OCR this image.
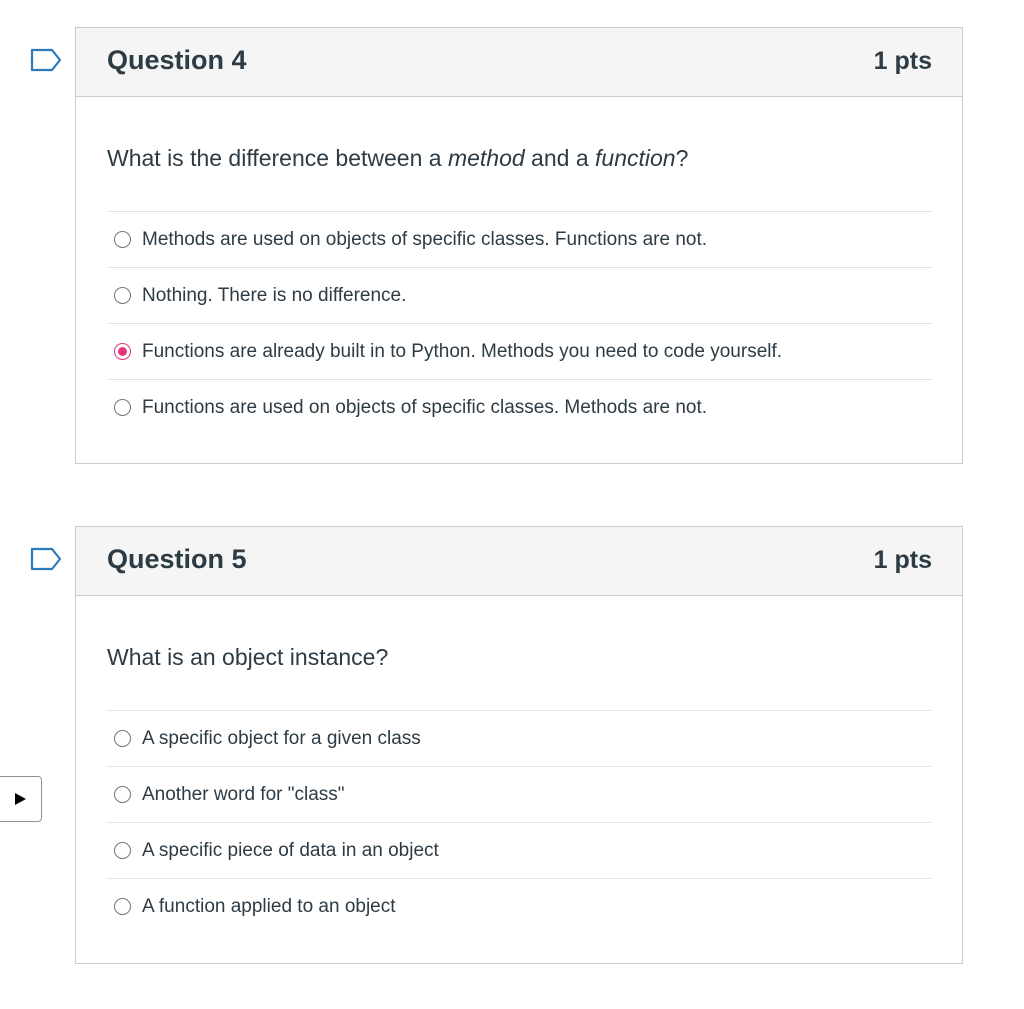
Question 4	1 pts

What is the difference between a method and a function?

Methods are used on objects of specific classes. Functions are not.
Nothing. There is no difference.
Functions are already built in to Python. Methods you need to code yourself.
Functions are used on objects of specific classes. Methods are not.
Question 5	1 pts

What is an object instance?

A specific object for a given class
Another word for "class"
A specific piece of data in an object
A function applied to an object
